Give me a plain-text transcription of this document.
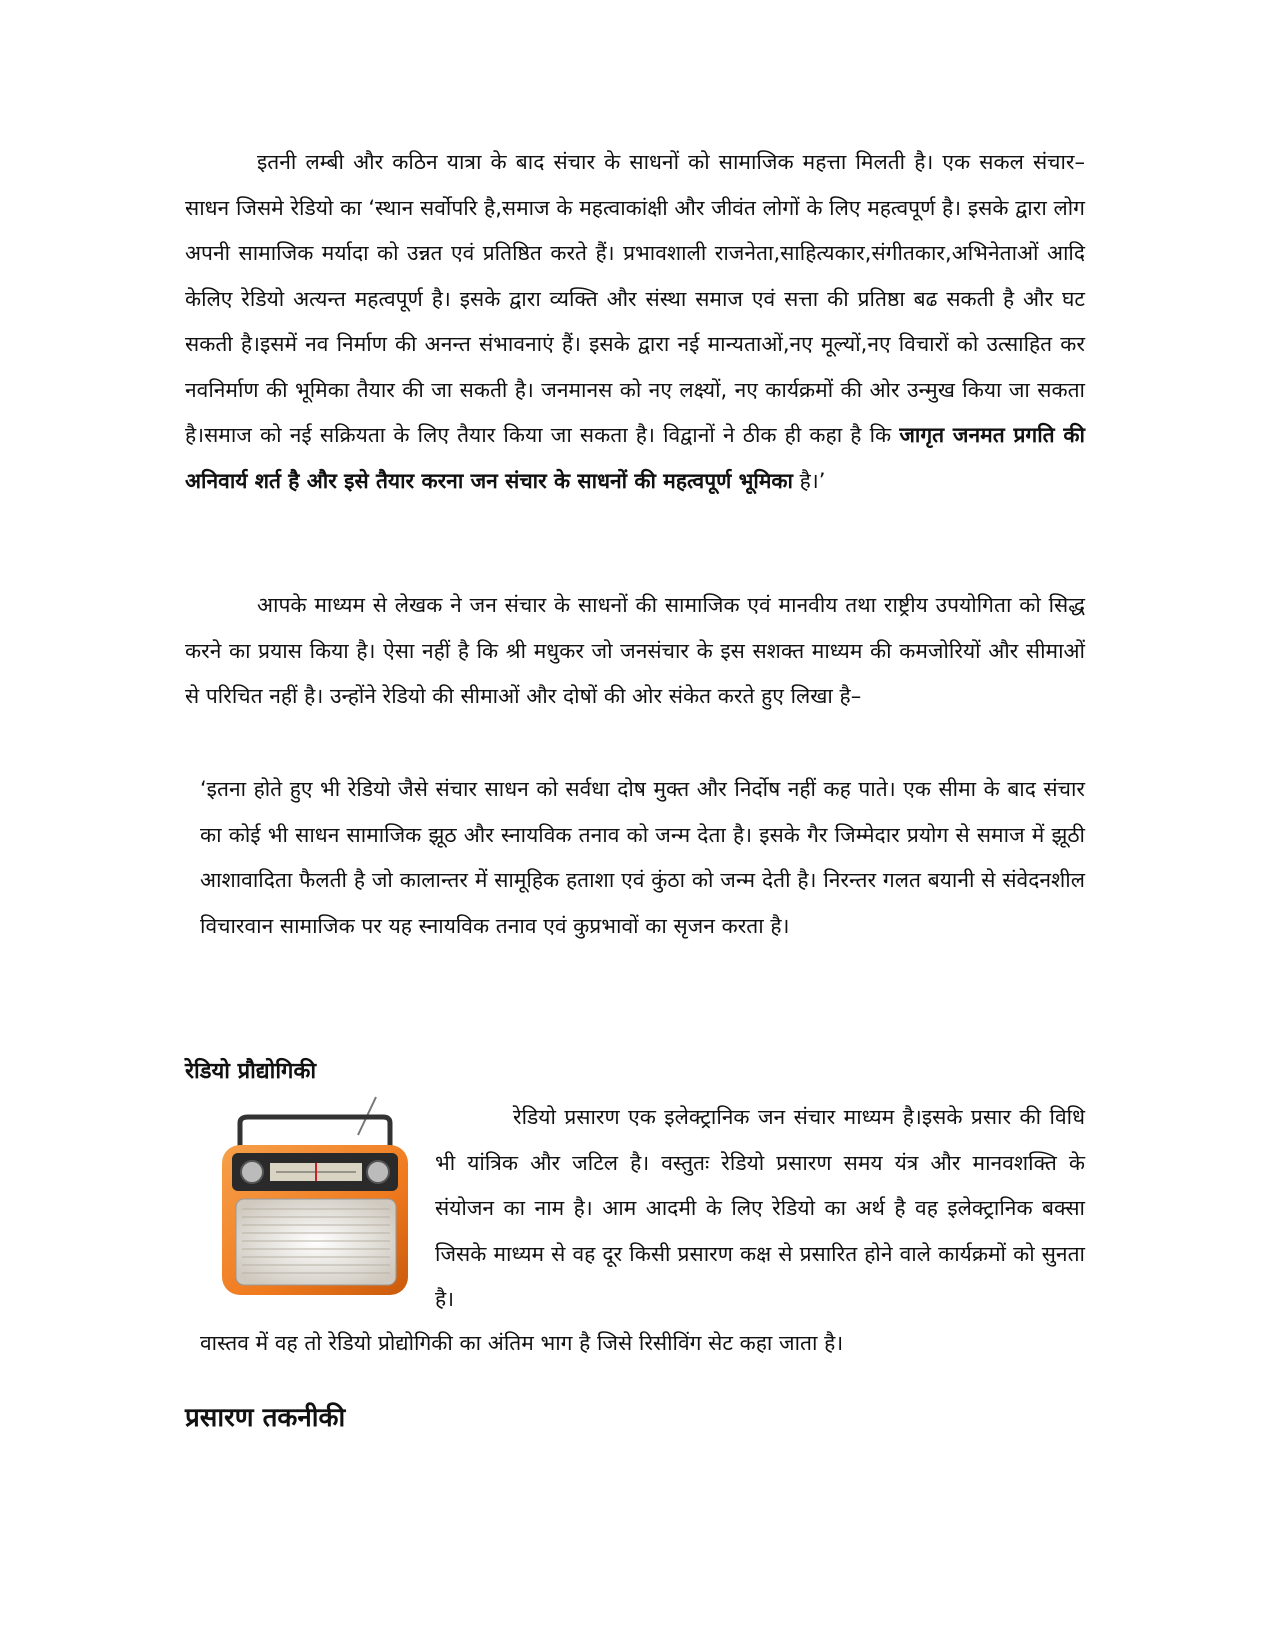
इतनी लम्बी और कठिन यात्रा के बाद संचार के साधनों को सामाजिक महत्ता मिलती है। एक सकल संचार–साधन जिसमे रेडियो का ‘स्थान सर्वोपरि है,समाज के महत्वाकांक्षी और जीवंत लोगों के लिए महत्वपूर्ण है। इसके द्वारा लोग अपनी सामाजिक मर्यादा को उन्नत एवं प्रतिष्ठित करते हैं। प्रभावशाली राजनेता,साहित्यकार,संगीतकार,अभिनेताओं आदि केलिए रेडियो अत्यन्त महत्वपूर्ण है। इसके द्वारा व्यक्ति और संस्था समाज एवं सत्ता की प्रतिष्ठा बढ सकती है और घट सकती है।इसमें नव निर्माण की अनन्त संभावनाएं हैं। इसके द्वारा नई मान्यताओं,नए मूल्यों,नए विचारों को उत्साहित कर नवनिर्माण की भूमिका तैयार की जा सकती है। जनमानस को नए लक्ष्यों, नए कार्यक्रमों की ओर उन्मुख किया जा सकता है।समाज को नई सक्रियता के लिए तैयार किया जा सकता है। विद्वानों ने ठीक ही कहा है कि जागृत जनमत प्रगति की अनिवार्य शर्त है और इसे तैयार करना जन संचार के साधनों की महत्वपूर्ण भूमिका है।’

आपके माध्यम से लेखक ने जन संचार के साधनों की सामाजिक एवं मानवीय तथा राष्ट्रीय उपयोगिता को सिद्ध करने का प्रयास किया है। ऐसा नहीं है कि श्री मधुकर जो जनसंचार के इस सशक्त माध्यम की कमजोरियों और सीमाओं से परिचित नहीं है। उन्होंने रेडियो की सीमाओं और दोषों की ओर संकेत करते हुए लिखा है–

‘इतना होते हुए भी रेडियो जैसे संचार साधन को सर्वधा दोष मुक्त और निर्दोष नहीं कह पाते। एक सीमा के बाद संचार का कोई भी साधन सामाजिक झूठ और स्नायविक तनाव को जन्म देता है। इसके गैर जिम्मेदार प्रयोग से समाज में झूठी आशावादिता फैलती है जो कालान्तर में सामूहिक हताशा एवं कुंठा को जन्म देती है। निरन्तर गलत बयानी से संवेदनशील विचारवान सामाजिक पर यह स्नायविक तनाव एवं कुप्रभावों का सृजन करता है।

रेडियो प्रौद्योगिकी

रेडियो प्रसारण एक इलेक्ट्रानिक जन संचार माध्यम है।इसके प्रसार की विधि भी यांत्रिक और जटिल है। वस्तुतः रेडियो प्रसारण समय यंत्र और मानवशक्ति के संयोजन का नाम है। आम आदमी के लिए रेडियो का अर्थ है वह इलेक्ट्रानिक बक्सा जिसके माध्यम से वह दूर किसी प्रसारण कक्ष से प्रसारित होने वाले कार्यक्रमों को सुनता है।

वास्तव में वह तो रेडियो प्रोद्योगिकी का अंतिम भाग है जिसे रिसीविंग सेट कहा जाता है।

प्रसारण तकनीकी
